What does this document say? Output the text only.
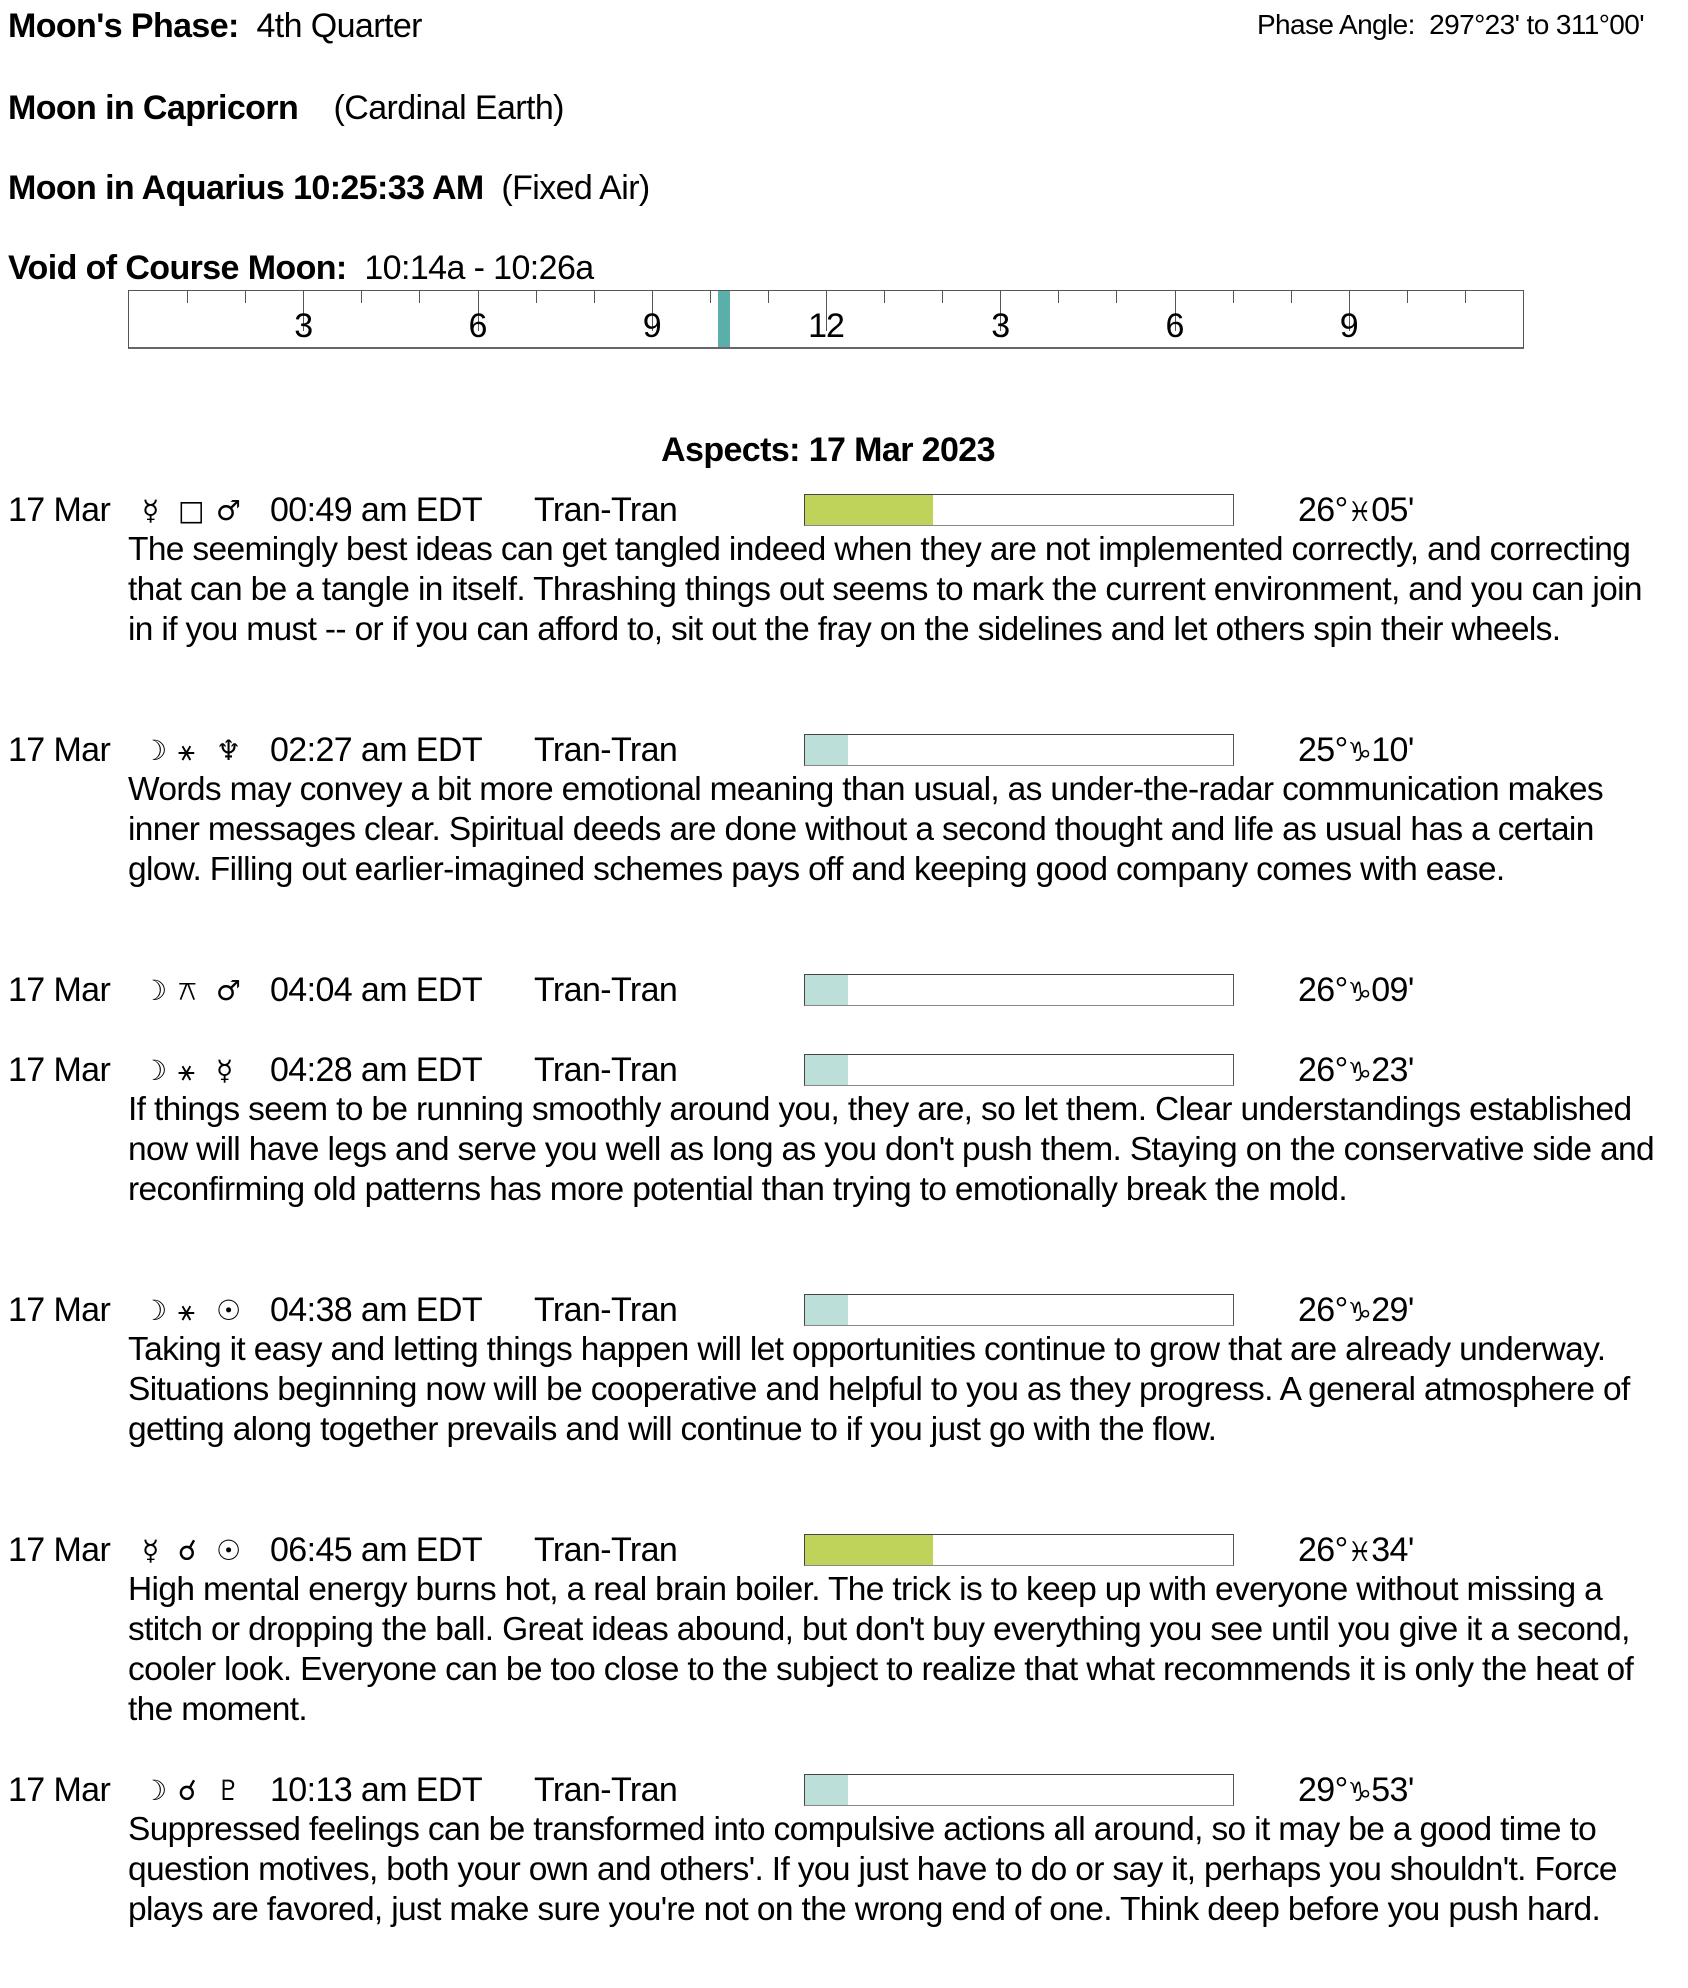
Moon's Phase: 4th Quarter	Phase Angle: 297°23' to 311°00'
Moon in Capricorn (Cardinal Earth)
Moon in Aquarius 10:25:33 AM (Fixed Air)
Void of Course Moon: 10:14a - 10:26a
3	6	9	12	3	6	9
Aspects: 17 Mar 2023
17 Mar ☿ □ ♂ 00:49 am EDT Tran-Tran	26°♓05'
The seemingly best ideas can get tangled indeed when they are not implemented correctly, and correcting that can be a tangle in itself. Thrashing things out seems to mark the current environment, and you can join in if you must -- or if you can afford to, sit out the fray on the sidelines and let others spin their wheels.
17 Mar ☽ ⚹ ♆ 02:27 am EDT Tran-Tran	25°♑10'
Words may convey a bit more emotional meaning than usual, as under-the-radar communication makes inner messages clear. Spiritual deeds are done without a second thought and life as usual has a certain glow. Filling out earlier-imagined schemes pays off and keeping good company comes with ease.
17 Mar ☽ ⚻ ♂ 04:04 am EDT Tran-Tran	26°♑09'
17 Mar ☽ ⚹ ☿ 04:28 am EDT Tran-Tran	26°♑23'
If things seem to be running smoothly around you, they are, so let them. Clear understandings established now will have legs and serve you well as long as you don't push them. Staying on the conservative side and reconfirming old patterns has more potential than trying to emotionally break the mold.
17 Mar ☽ ⚹ ☉ 04:38 am EDT Tran-Tran	26°♑29'
Taking it easy and letting things happen will let opportunities continue to grow that are already underway. Situations beginning now will be cooperative and helpful to you as they progress. A general atmosphere of getting along together prevails and will continue to if you just go with the flow.
17 Mar ☿ ☌ ☉ 06:45 am EDT Tran-Tran	26°♓34'
High mental energy burns hot, a real brain boiler. The trick is to keep up with everyone without missing a stitch or dropping the ball. Great ideas abound, but don't buy everything you see until you give it a second, cooler look. Everyone can be too close to the subject to realize that what recommends it is only the heat of the moment.
17 Mar ☽ ☌ ♇ 10:13 am EDT Tran-Tran	29°♑53'
Suppressed feelings can be transformed into compulsive actions all around, so it may be a good time to question motives, both your own and others'. If you just have to do or say it, perhaps you shouldn't. Force plays are favored, just make sure you're not on the wrong end of one. Think deep before you push hard.
